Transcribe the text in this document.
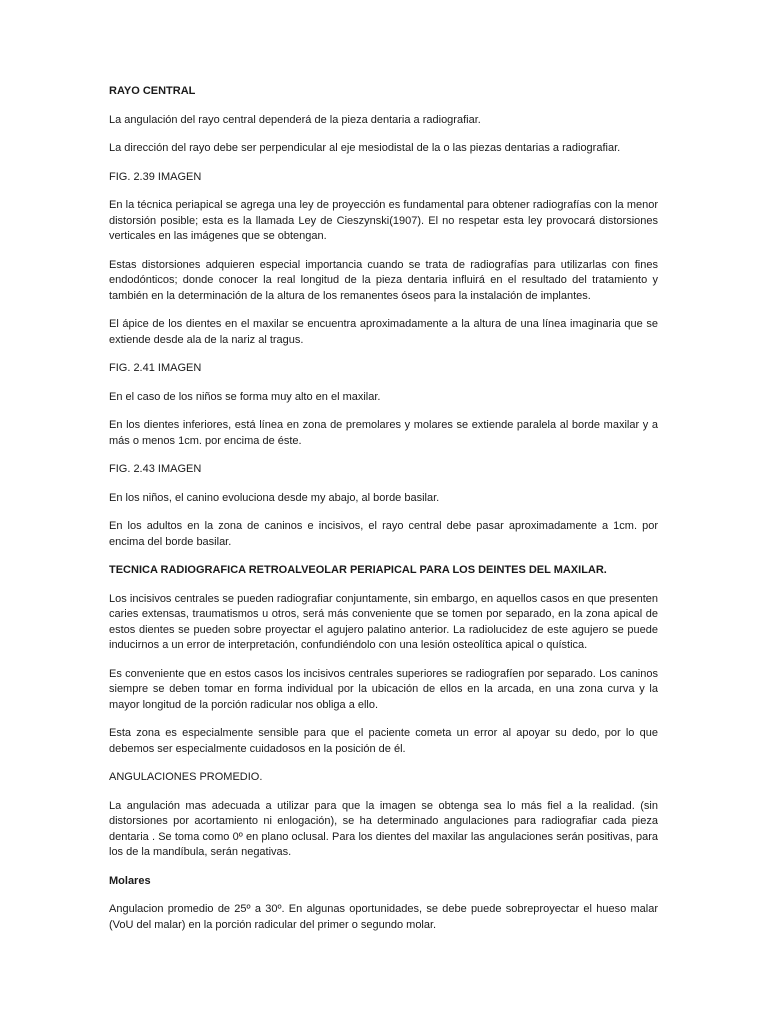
RAYO CENTRAL

La angulación del rayo central dependerá de la pieza dentaria a radiografiar.

La dirección del rayo debe ser perpendicular al eje mesiodistal de la o las piezas dentarias a radiografiar.

FIG. 2.39 IMAGEN

En la técnica periapical se agrega una ley de proyección es fundamental para obtener radiografías con la menor distorsión posible; esta es la llamada Ley de Cieszynski(1907). El no respetar esta ley provocará distorsiones verticales en las imágenes que se obtengan.

Estas distorsiones adquieren especial importancia cuando se trata de radiografías para utilizarlas con fines endodónticos; donde conocer la real longitud de la pieza dentaria influirá en el resultado del tratamiento y también en la determinación de la altura de los remanentes óseos para la instalación de implantes.

El ápice de los dientes en el maxilar se encuentra aproximadamente a la altura de una línea imaginaria que se extiende desde ala de la nariz al tragus.

FIG. 2.41 IMAGEN

En el caso de los niños se forma muy alto en el maxilar.

En los dientes inferiores, está línea en zona de premolares y molares se extiende paralela al borde maxilar y a más o menos 1cm. por encima de éste.

FIG. 2.43 IMAGEN

En los niños, el canino evoluciona desde my abajo, al borde basilar.

En los adultos en la zona de caninos e incisivos, el rayo central debe pasar aproximadamente a 1cm. por encima del borde basilar.

TECNICA RADIOGRAFICA RETROALVEOLAR PERIAPICAL PARA LOS DEINTES DEL MAXILAR.

Los incisivos centrales se pueden radiografiar conjuntamente, sin embargo, en aquellos casos en que presenten caries extensas, traumatismos u otros, será más conveniente que se tomen por separado, en la zona apical de estos dientes se pueden sobre proyectar el agujero palatino anterior. La radiolucidez de este agujero se puede inducirnos a un error de interpretación, confundiéndolo con una lesión osteolítica apical o quística.

Es conveniente que en estos casos los incisivos centrales superiores se radiografíen por separado. Los caninos siempre se deben tomar en forma individual por la ubicación de ellos en la arcada, en una zona curva y la mayor longitud de la porción radicular nos obliga a ello.

Esta zona es especialmente sensible para que el paciente cometa un error al apoyar su dedo, por lo que debemos ser especialmente cuidadosos en la posición de él.

ANGULACIONES PROMEDIO.

La angulación mas adecuada a utilizar para que la imagen se obtenga sea lo más fiel a la realidad. (sin distorsiones por acortamiento ni enlogación), se ha determinado angulaciones para radiografiar cada pieza dentaria . Se toma como 0º en plano oclusal. Para los dientes del maxilar las angulaciones serán positivas, para los de la mandíbula, serán negativas.

Molares

Angulacion promedio de 25º a 30º. En algunas oportunidades, se debe puede sobreproyectar el hueso malar (VoU del malar) en la porción radicular del primer o segundo molar.
